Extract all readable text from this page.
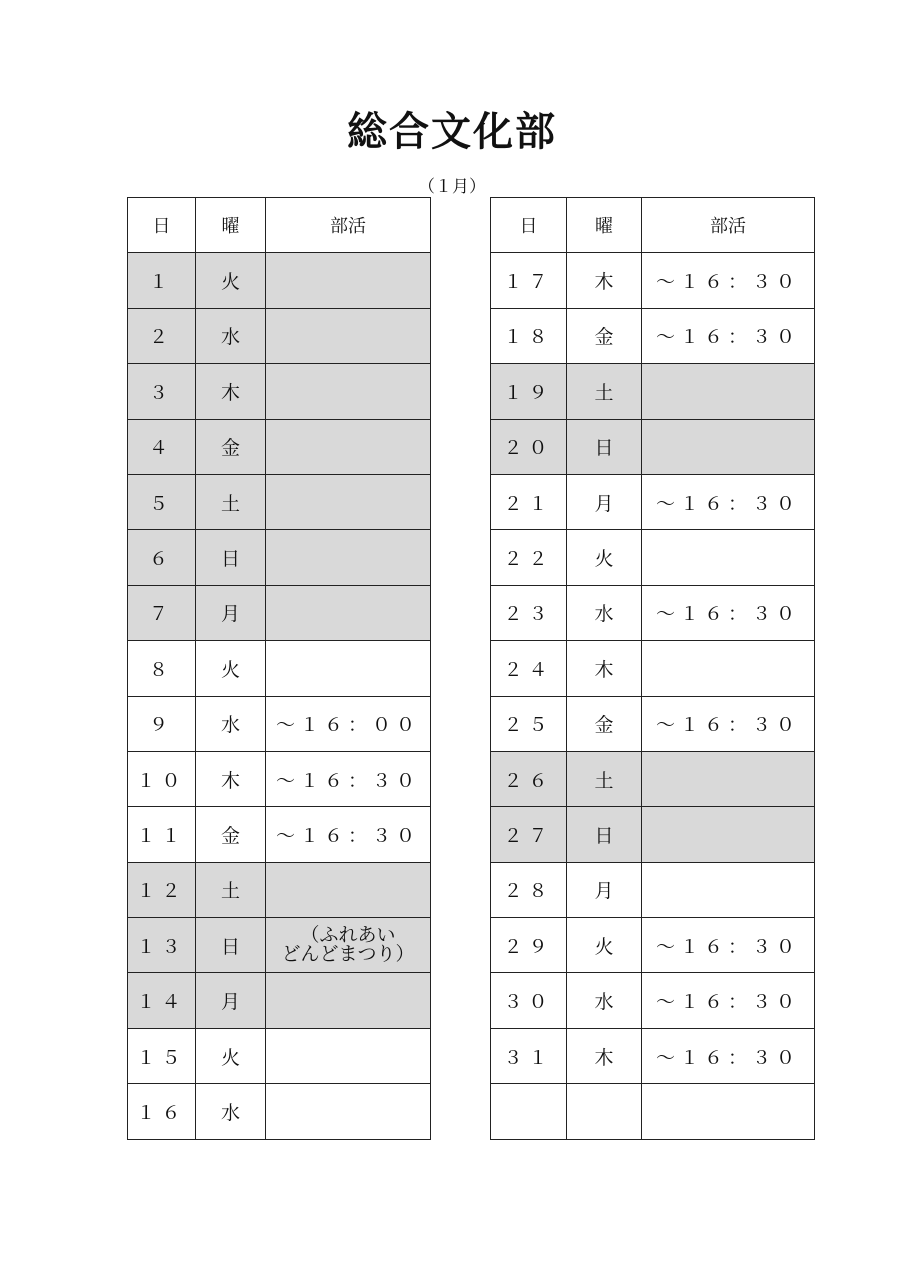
総合文化部
（１月）
日	曜	部活
１	火	
２	水	
３	木	
４	金	
５	土	
６	日	
７	月	
８	火	
９	水	～１６：００
１０	木	～１６：３０
１１	金	～１６：３０
１２	土	
１３	日	（ふれあい
どんどまつり）

１４	月	
１５	火	
１６	水	
日	曜	部活
１７	木	～１６：３０
１８	金	～１６：３０
１９	土	
２０	日	
２１	月	～１６：３０
２２	火	
２３	水	～１６：３０
２４	木	
２５	金	～１６：３０
２６	土	
２７	日	
２８	月	
２９	火	～１６：３０
３０	水	～１６：３０
３１	木	～１６：３０
